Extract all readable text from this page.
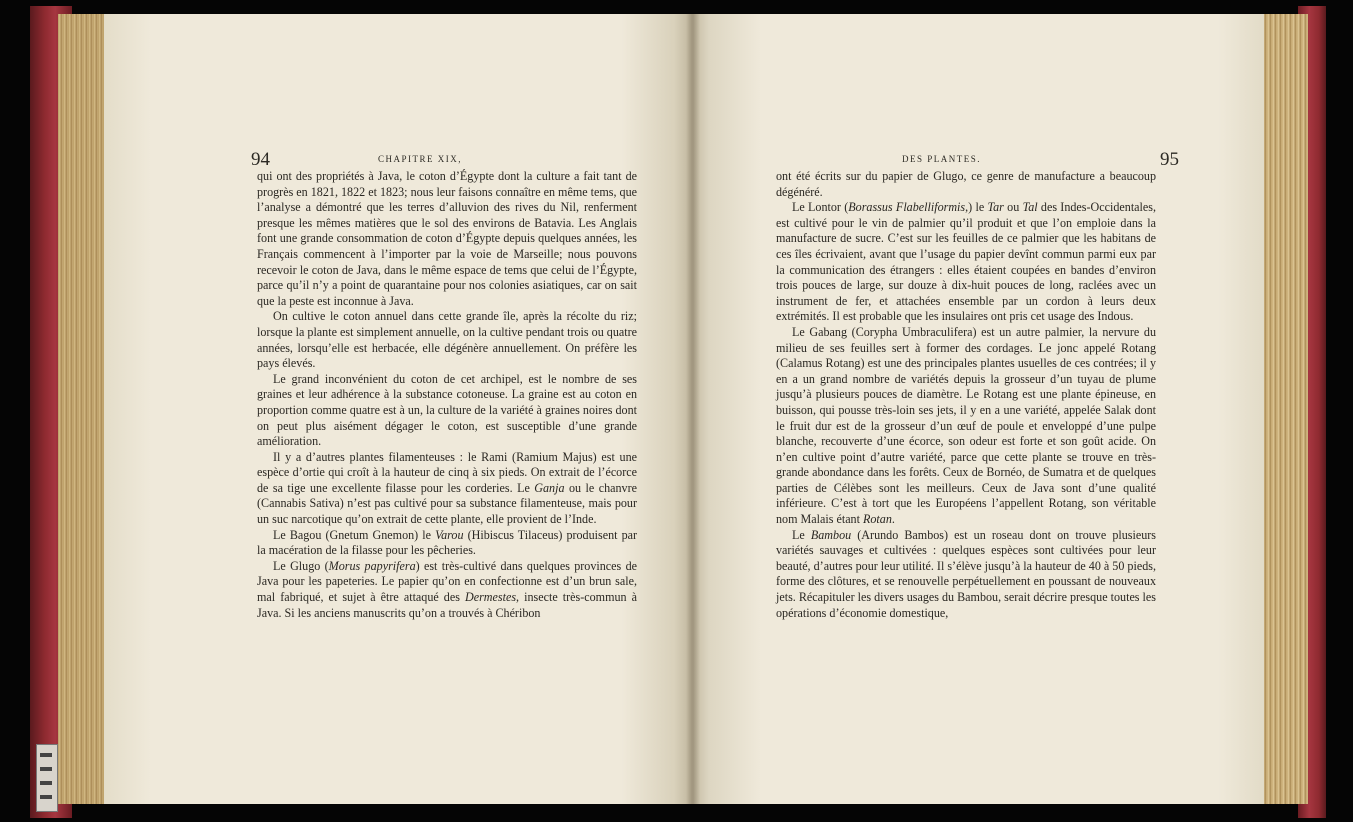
94	CHAPITRE XIX,

qui ont des propriétés à Java, le coton d’Égypte dont la culture a fait tant de progrès en 1821, 1822 et 1823; nous leur faisons connaître en même tems, que l’analyse a démontré que les terres d’alluvion des rives du Nil, renferment presque les mêmes matières que le sol des environs de Batavia. Les Anglais font une grande consommation de coton d’Égypte depuis quelques années, les Français commencent à l’importer par la voie de Marseille; nous pouvons recevoir le coton de Java, dans le même espace de tems que celui de l’Égypte, parce qu’il n’y a point de quarantaine pour nos colonies asiatiques, car on sait que la peste est inconnue à Java.

On cultive le coton annuel dans cette grande île, après la récolte du riz; lorsque la plante est simplement annuelle, on la cultive pendant trois ou quatre années, lorsqu’elle est herbacée, elle dégénère annuellement. On préfère les pays élevés.

Le grand inconvénient du coton de cet archipel, est le nombre de ses graines et leur adhérence à la substance cotoneuse. La graine est au coton en proportion comme quatre est à un, la culture de la variété à graines noires dont on peut plus aisément dégager le coton, est susceptible d’une grande amélioration.

Il y a d’autres plantes filamenteuses : le Rami (Ramium Majus) est une espèce d’ortie qui croît à la hauteur de cinq à six pieds. On extrait de l’écorce de sa tige une excellente filasse pour les corderies. Le Ganja ou le chanvre (Cannabis Sativa) n’est pas cultivé pour sa substance filamenteuse, mais pour un suc narcotique qu’on extrait de cette plante, elle provient de l’Inde.

Le Bagou (Gnetum Gnemon) le Varou (Hibiscus Tilaceus) produisent par la macération de la filasse pour les pêcheries.

Le Glugo (Morus papyrifera) est très-cultivé dans quelques provinces de Java pour les papeteries. Le papier qu’on en confectionne est d’un brun sale, mal fabriqué, et sujet à être attaqué des Dermestes, insecte très-commun à Java. Si les anciens manuscrits qu’on a trouvés à Chéribon

DES PLANTES.	95

ont été écrits sur du papier de Glugo, ce genre de manufacture a beaucoup dégénéré.

Le Lontor (Borassus Flabelliformis,) le Tar ou Tal des Indes-Occidentales, est cultivé pour le vin de palmier qu’il produit et que l’on emploie dans la manufacture de sucre. C’est sur les feuilles de ce palmier que les habitans de ces îles écrivaient, avant que l’usage du papier devînt commun parmi eux par la communication des étrangers : elles étaient coupées en bandes d’environ trois pouces de large, sur douze à dix-huit pouces de long, raclées avec un instrument de fer, et attachées ensemble par un cordon à leurs deux extrémités. Il est probable que les insulaires ont pris cet usage des Indous.

Le Gabang (Corypha Umbraculifera) est un autre palmier, la nervure du milieu de ses feuilles sert à former des cordages. Le jonc appelé Rotang (Calamus Rotang) est une des principales plantes usuelles de ces contrées; il y en a un grand nombre de variétés depuis la grosseur d’un tuyau de plume jusqu’à plusieurs pouces de diamètre. Le Rotang est une plante épineuse, en buisson, qui pousse très-loin ses jets, il y en a une variété, appelée Salak dont le fruit dur est de la grosseur d’un œuf de poule et enveloppé d’une pulpe blanche, recouverte d’une écorce, son odeur est forte et son goût acide. On n’en cultive point d’autre variété, parce que cette plante se trouve en très-grande abondance dans les forêts. Ceux de Bornéo, de Sumatra et de quelques parties de Célèbes sont les meilleurs. Ceux de Java sont d’une qualité inférieure. C’est à tort que les Européens l’appellent Rotang, son véritable nom Malais étant Rotan.

Le Bambou (Arundo Bambos) est un roseau dont on trouve plusieurs variétés sauvages et cultivées : quelques espèces sont cultivées pour leur beauté, d’autres pour leur utilité. Il s’élève jusqu’à la hauteur de 40 à 50 pieds, forme des clôtures, et se renouvelle perpétuellement en poussant de nouveaux jets. Récapituler les divers usages du Bambou, serait décrire presque toutes les opérations d’économie domestique,
